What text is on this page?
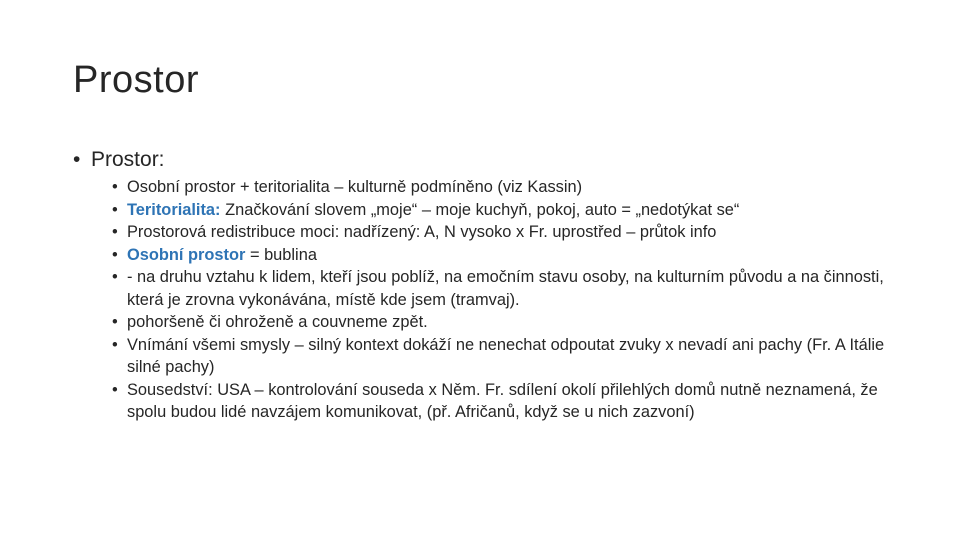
Prostor
• Prostor:
• Osobní prostor + teritorialita – kulturně podmíněno (viz Kassin)
• Teritorialita: Značkování slovem „moje“ – moje kuchyň, pokoj, auto = „nedotýkat se“
• Prostorová redistribuce moci: nadřízený: A, N vysoko x Fr. uprostřed – průtok info
• Osobní prostor = bublina
• - na druhu vztahu k lidem, kteří jsou poblíž, na emočním stavu osoby, na kulturním původu a na činnosti, která je zrovna vykonávána, místě kde jsem (tramvaj).
• pohoršeně či ohroženě a couvneme zpět.
• Vnímání všemi smysly – silný kontext dokáží ne nenechat odpoutat zvuky x nevadí ani pachy (Fr. A Itálie silné pachy)
• Sousedství: USA – kontrolování souseda x Něm. Fr. sdílení okolí přilehlých domů nutně neznamená, že spolu budou lidé navzájem komunikovat, (př. Afričanů, když se u nich zazvoní)
